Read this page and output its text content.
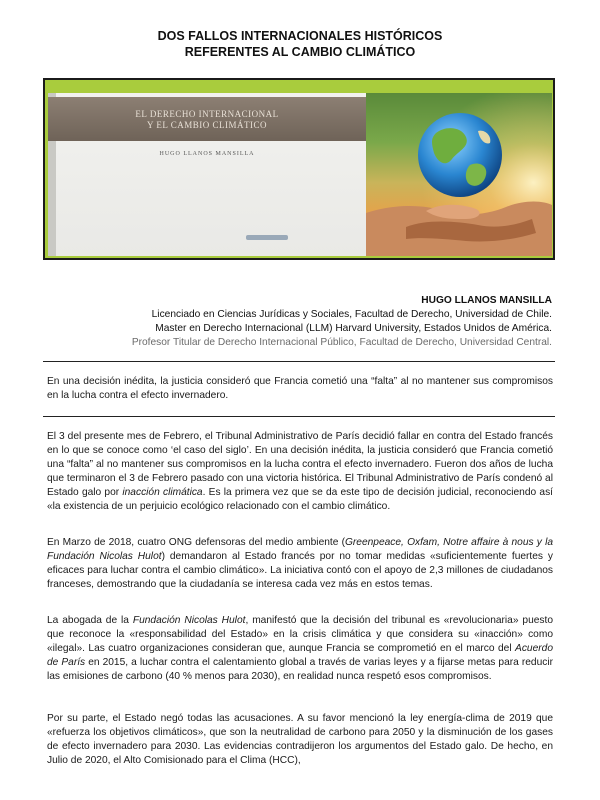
DOS FALLOS INTERNACIONALES HISTÓRICOS
REFERENTES AL CAMBIO CLIMÁTICO
EL DERECHO INTERNACIONAL
Y EL CAMBIO CLIMÁTICO
HUGO LLANOS MANSILLA
HUGO LLANOS MANSILLA
Licenciado en Ciencias Jurídicas y Sociales, Facultad de Derecho, Universidad de Chile.
Master en Derecho Internacional (LLM) Harvard University, Estados Unidos de América.
Profesor Titular de Derecho Internacional Público, Facultad de Derecho, Universidad Central.
En una decisión inédita, la justicia consideró que Francia cometió una “falta” al no mantener sus compromisos en la lucha contra el efecto invernadero.
El 3 del presente mes de Febrero, el Tribunal Administrativo de París decidió fallar en contra del Estado francés en lo que se conoce como ‘el caso del siglo’. En una decisión inédita, la justicia consideró que Francia cometió una “falta” al no mantener sus compromisos en la lucha contra el efecto invernadero. Fueron dos años de lucha que terminaron el 3 de Febrero pasado con una victoria histórica. El Tribunal Administrativo de París condenó al Estado galo por inacción climática. Es la primera vez que se da este tipo de decisión judicial, reconociendo así «la existencia de un perjuicio ecológico relacionado con el cambio climático.
En Marzo de 2018, cuatro ONG defensoras del medio ambiente (Greenpeace, Oxfam, Notre affaire à nous y la Fundación Nicolas Hulot) demandaron al Estado francés por no tomar medidas «suficientemente fuertes y eficaces para luchar contra el cambio climático». La iniciativa contó con el apoyo de 2,3 millones de ciudadanos franceses, demostrando que la ciudadanía se interesa cada vez más en estos temas.
La abogada de la Fundación Nicolas Hulot, manifestó que la decisión del tribunal es «revolucionaria» puesto que reconoce la «responsabilidad del Estado» en la crisis climática y que considera su «inacción» como «ilegal». Las cuatro organizaciones consideran que, aunque Francia se comprometió en el marco del Acuerdo de París en 2015, a luchar contra el calentamiento global a través de varias leyes y a fijarse metas para reducir las emisiones de carbono (40 % menos para 2030), en realidad nunca respetó esos compromisos.
Por su parte, el Estado negó todas las acusaciones. A su favor mencionó la ley energía-clima de 2019 que «refuerza los objetivos climáticos», que son la neutralidad de carbono para 2050 y la disminución de los gases de efecto invernadero para 2030. Las evidencias contradijeron los argumentos del Estado galo. De hecho, en Julio de 2020, el Alto Comisionado para el Clima (HCC),
